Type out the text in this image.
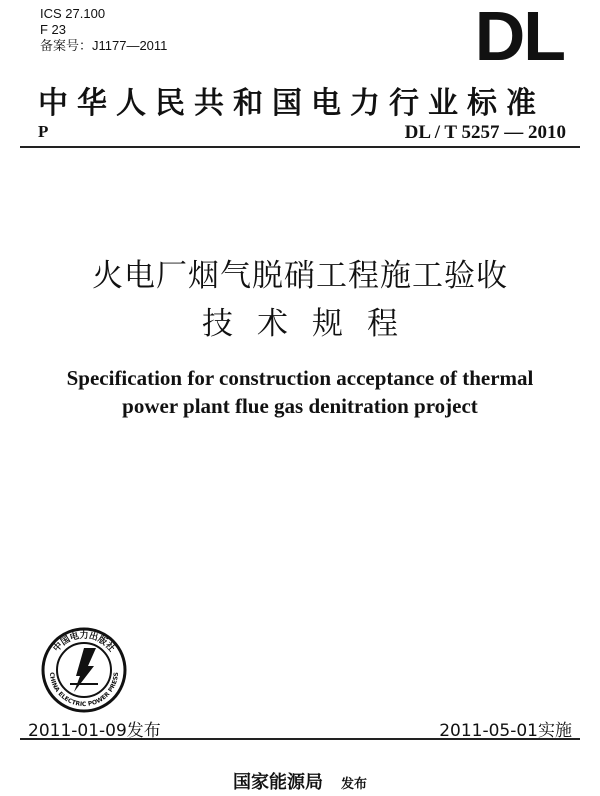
ICS 27.100
F 23
备案号：J1177—2011	DL
中华人民共和国电力行业标准
P	DL / T 5257 — 2010
火电厂烟气脱硝工程施工验收
技术规程
Specification for construction acceptance of thermal
power plant flue gas denitration project
中国电力出版社
CHINA ELECTRIC POWER PRESS
2011-01-09发布	2011-05-01实施
国家能源局 发布
